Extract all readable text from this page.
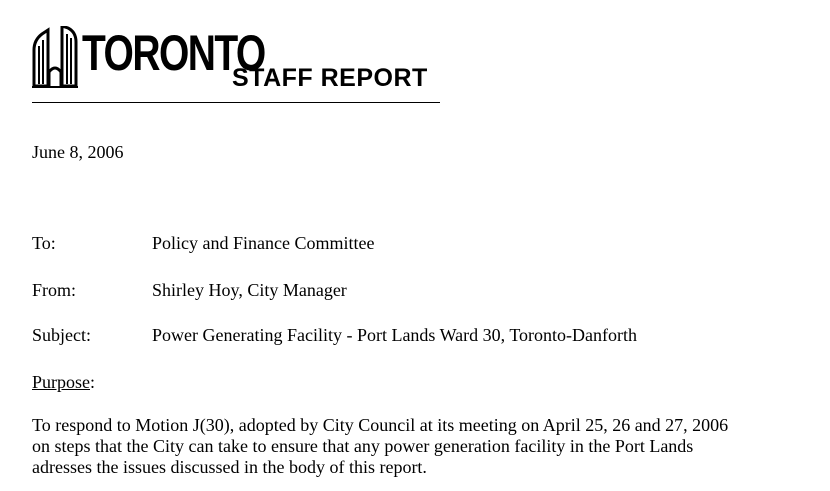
TORONTO
STAFF REPORT
June 8, 2006
To:	Policy and Finance Committee
From:	Shirley Hoy, City Manager
Subject:	Power Generating Facility - Port Lands Ward 30, Toronto-Danforth
Purpose:
To respond to Motion J(30), adopted by City Council at its meeting on April 25, 26 and 27, 2006
on steps that the City can take to ensure that any power generation facility in the Port Lands
adresses the issues discussed in the body of this report.
